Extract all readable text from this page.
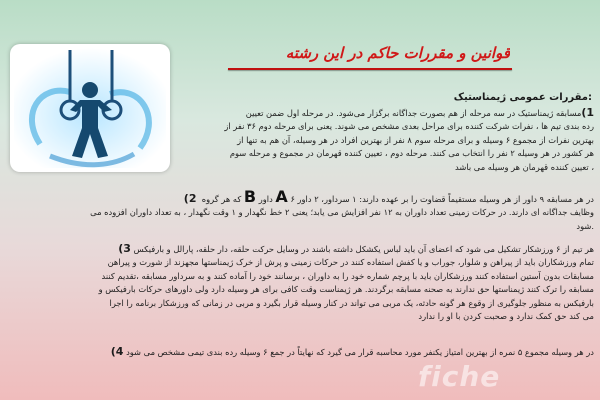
قوانین و مقررات حاکم در این رشته
:مقررات عمومی ژیمناستیک

1)مسابقه ژیمناستیک در سه مرحله از هم بصورت جداگانه برگزار می‌شود. در مرحله اول ضمن تعیین
رده بندی تیم ها ، نفرات شرکت کننده برای مراحل بعدی مشخص می شوند. یعنی برای مرحله دوم ۳۶ نفر از
بهترین نفرات از مجموع ۶ وسیله و برای مرحله سوم ۸ نفر از بهترین افراد در هر وسیله، آن هم به تنها از
هر کشور در هر وسیله ۲ نفر را انتخاب می کنند. مرحله دوم ، تعیین کننده قهرمان در مجموع و مرحله سوم
، تعیین کننده قهرمان هر وسیله می باشد

در هر مسابقه ۹ داور از هر وسیله مستقیماً قضاوت را بر عهده دارند: ۱ سرداور، ۲ داور A ۶ داور B که هر گروه  2)
وظایف جداگانه ای دارند. در حرکات زمینی تعداد داوران به ۱۲ نفر افزایش می یابد؛ یعنی ۲ خط نگهدار و ۱ وقت نگهدار ، به تعداد داوران افزوده می
.شود

هر تیم از ۶ ورزشکار تشکیل می شود که اعضای آن باید لباس یکشکل داشته باشند در وسایل حرکت حلقه، دار حلقه، پارالل و بارفیکس 3)
تمام ورزشکاران باید از پیراهن و شلوار، جوراب و یا کفش استفاده کنند در حرکات زمینی و پرش از خرک ژیمناستها مجهزند از شورت و پیراهن
مسابقات بدون آستین استفاده کنند ورزشکاران باید با پرچم شماره خود را به داوران ، برسانند خود را آماده کنند و به سرداور مسابقه ،تقدیم کنند
مسابقه را ترک کنند ژیمناستها حق ندارند به صحنه مسابقه برگردند. هر ژیمناست وقت کافی برای هر وسیله دارد ولی داورهای حرکات بارفیکس و
بارفیکس به منظور جلوگیری از وقوع هر گونه حادثه، یک مربی می تواند در کنار وسیله قرار بگیرد و مربی در زمانی که ورزشکار برنامه را اجرا
می کند حق کمک ندارد و صحبت کردن با او را ندارد

در هر وسیله مجموع ۵ نمره از بهترین امتیاز یکنفر مورد محاسبه قرار می گیرد که نهایتاً در جمع ۶ وسیله رده بندی تیمی مشخص می شود 4)

fiche
